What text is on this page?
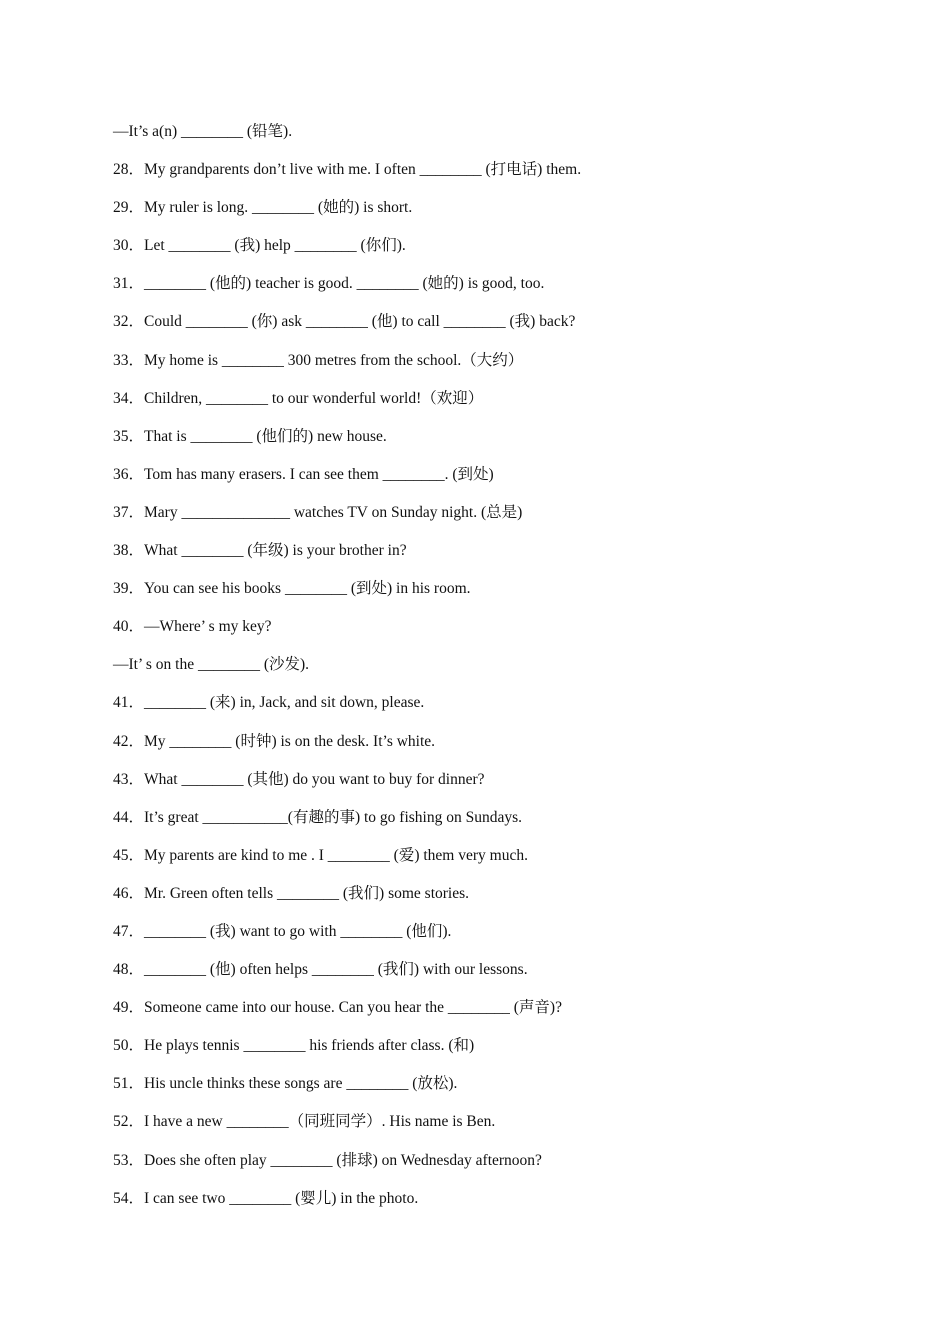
—It’s a(n) ________ (铅笔).
28．My grandparents don’t live with me. I often ________ (打电话) them.
29．My ruler is long. ________ (她的) is short.
30．Let ________ (我) help ________ (你们).
31．________ (他的) teacher is good. ________ (她的) is good, too.
32．Could ________ (你) ask ________ (他) to call ________ (我) back?
33．My home is ________ 300 metres from the school.（大约）
34．Children, ________ to our wonderful world!（欢迎）
35．That is ________ (他们的) new house.
36．Tom has many erasers. I can see them ________. (到处)
37．Mary ______________ watches TV on Sunday night. (总是)
38．What ________ (年级) is your brother in?
39．You can see his books ________ (到处) in his room.
40．—Where’ s my key?
—It’ s on the ________ (沙发).
41．________ (来) in, Jack, and sit down, please.
42．My ________ (时钟) is on the desk. It’s white.
43．What ________ (其他) do you want to buy for dinner?
44．It’s great ___________(有趣的事) to go fishing on Sundays.
45．My parents are kind to me . I ________ (爱) them very much.
46．Mr. Green often tells ________ (我们) some stories.
47．________ (我) want to go with ________ (他们).
48．________ (他) often helps ________ (我们) with our lessons.
49．Someone came into our house. Can you hear the ________ (声音)?
50．He plays tennis ________ his friends after class. (和)
51．His uncle thinks these songs are ________ (放松).
52．I have a new ________（同班同学）. His name is Ben.
53．Does she often play ________ (排球) on Wednesday afternoon?
54．I can see two ________ (婴儿) in the photo.
